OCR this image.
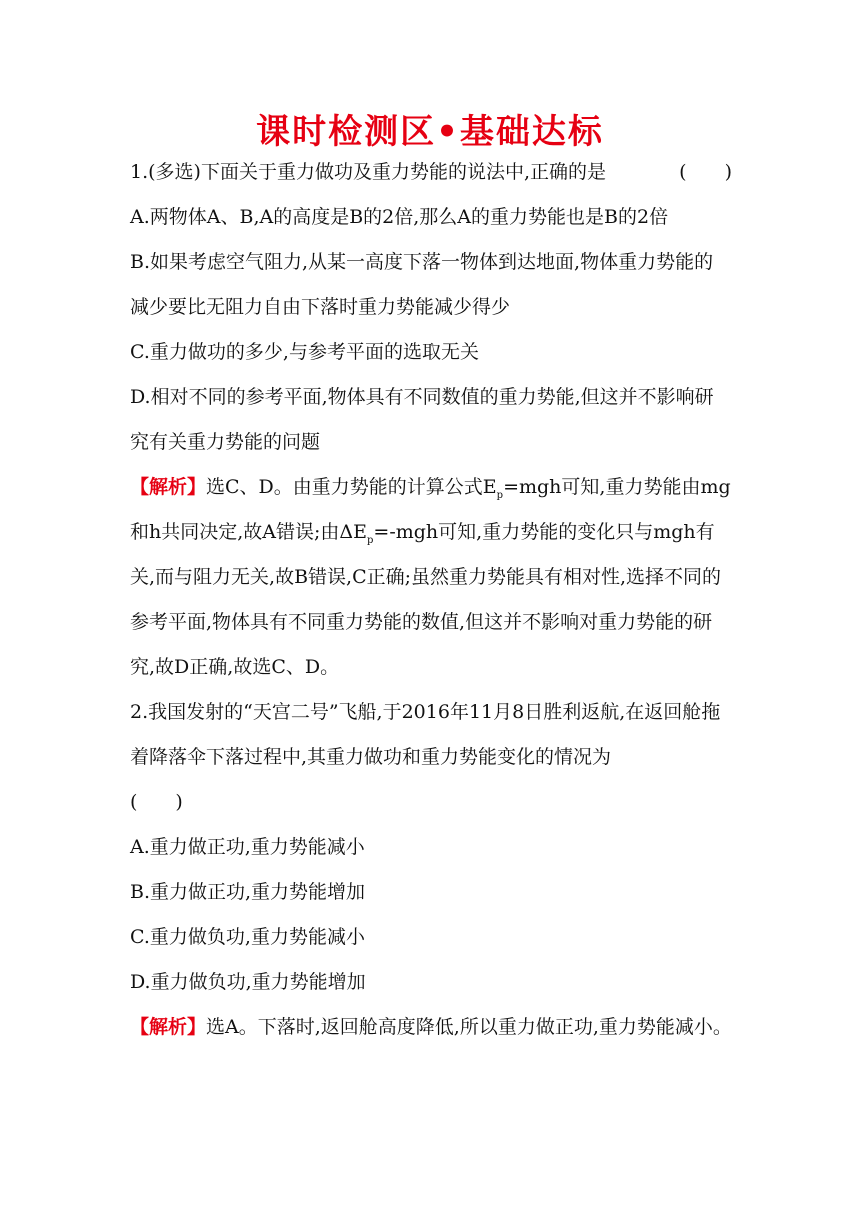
课时检测区•基础达标
1.(多选)下面关于重力做功及重力势能的说法中,正确的是	(　　)
A.两物体A、B,A的高度是B的2倍,那么A的重力势能也是B的2倍
B.如果考虑空气阻力,从某一高度下落一物体到达地面,物体重力势能的减少要比无阻力自由下落时重力势能减少得少
C.重力做功的多少,与参考平面的选取无关
D.相对不同的参考平面,物体具有不同数值的重力势能,但这并不影响研究有关重力势能的问题
【解析】选C、D。由重力势能的计算公式$E_p=mgh$可知,重力势能由mg和h共同决定,故A错误;由$\Delta E_p=$-mgh可知,重力势能的变化只与mgh有关,而与阻力无关,故B错误,C正确;虽然重力势能具有相对性,选择不同的参考平面,物体具有不同重力势能的数值,但这并不影响对重力势能的研究,故D正确,故选C、D。
2.我国发射的“天宫二号”飞船,于2016年11月8日胜利返航,在返回舱拖着降落伞下落过程中,其重力做功和重力势能变化的情况为
(　　)
A.重力做正功,重力势能减小
B.重力做正功,重力势能增加
C.重力做负功,重力势能减小
D.重力做负功,重力势能增加
【解析】选A。下落时,返回舱高度降低,所以重力做正功,重力势能减小。
